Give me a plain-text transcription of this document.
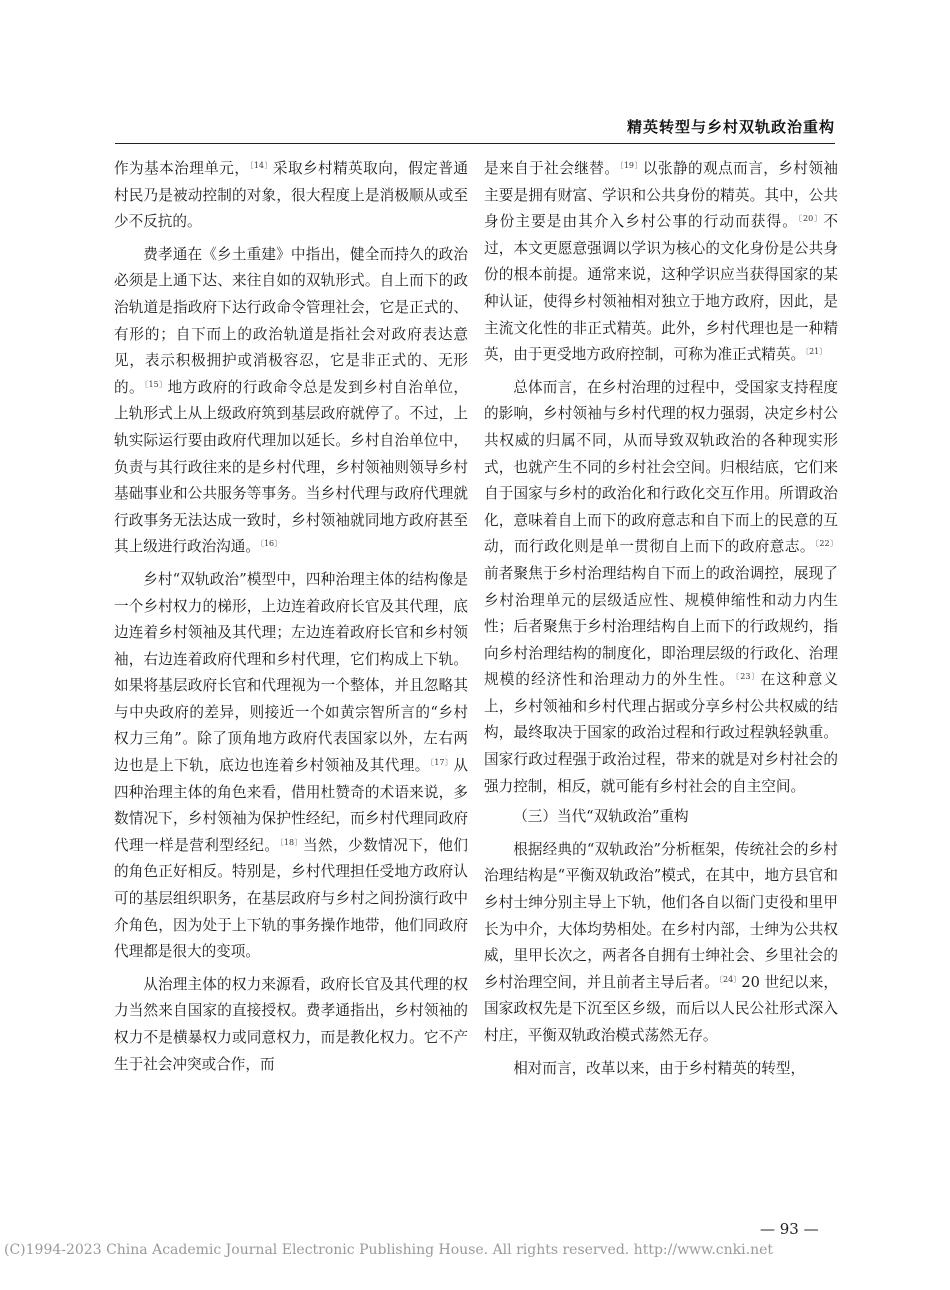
精英转型与乡村双轨政治重构

作为基本治理单元，$^{〔14〕}$采取乡村精英取向，假定普通村民乃是被动控制的对象，很大程度上是消极顺从或至少不反抗的。

费孝通在《乡土重建》中指出，健全而持久的政治必须是上通下达、来往自如的双轨形式。自上而下的政治轨道是指政府下达行政命令管理社会，它是正式的、有形的；自下而上的政治轨道是指社会对政府表达意见，表示积极拥护或消极容忍，它是非正式的、无形的。$^{〔15〕}$地方政府的行政命令总是发到乡村自治单位，上轨形式上从上级政府筑到基层政府就停了。不过，上轨实际运行要由政府代理加以延长。乡村自治单位中，负责与其行政往来的是乡村代理，乡村领袖则领导乡村基础事业和公共服务等事务。当乡村代理与政府代理就行政事务无法达成一致时，乡村领袖就同地方政府甚至其上级进行政治沟通。$^{〔16〕}$

乡村“双轨政治”模型中，四种治理主体的结构像是一个乡村权力的梯形，上边连着政府长官及其代理，底边连着乡村领袖及其代理；左边连着政府长官和乡村领袖，右边连着政府代理和乡村代理，它们构成上下轨。如果将基层政府长官和代理视为一个整体，并且忽略其与中央政府的差异，则接近一个如黄宗智所言的“乡村权力三角”。除了顶角地方政府代表国家以外，左右两边也是上下轨，底边也连着乡村领袖及其代理。$^{〔17〕}$从四种治理主体的角色来看，借用杜赞奇的术语来说，多数情况下，乡村领袖为保护性经纪，而乡村代理同政府代理一样是营利型经纪。$^{〔18〕}$当然，少数情况下，他们的角色正好相反。特别是，乡村代理担任受地方政府认可的基层组织职务，在基层政府与乡村之间扮演行政中介角色，因为处于上下轨的事务操作地带，他们同政府代理都是很大的变项。

从治理主体的权力来源看，政府长官及其代理的权力当然来自国家的直接授权。费孝通指出，乡村领袖的权力不是横暴权力或同意权力，而是教化权力。它不产生于社会冲突或合作，而

是来自于社会继替。$^{〔19〕}$以张静的观点而言，乡村领袖主要是拥有财富、学识和公共身份的精英。其中，公共身份主要是由其介入乡村公事的行动而获得。$^{〔20〕}$不过，本文更愿意强调以学识为核心的文化身份是公共身份的根本前提。通常来说，这种学识应当获得国家的某种认证，使得乡村领袖相对独立于地方政府，因此，是主流文化性的非正式精英。此外，乡村代理也是一种精英，由于更受地方政府控制，可称为准正式精英。$^{〔21〕}$

总体而言，在乡村治理的过程中，受国家支持程度的影响，乡村领袖与乡村代理的权力强弱，决定乡村公共权威的归属不同，从而导致双轨政治的各种现实形式，也就产生不同的乡村社会空间。归根结底，它们来自于国家与乡村的政治化和行政化交互作用。所谓政治化，意味着自上而下的政府意志和自下而上的民意的互动，而行政化则是单一贯彻自上而下的政府意志。$^{〔22〕}$前者聚焦于乡村治理结构自下而上的政治调控，展现了乡村治理单元的层级适应性、规模伸缩性和动力内生性；后者聚焦于乡村治理结构自上而下的行政规约，指向乡村治理结构的制度化，即治理层级的行政化、治理规模的经济性和治理动力的外生性。$^{〔23〕}$在这种意义上，乡村领袖和乡村代理占据或分享乡村公共权威的结构，最终取决于国家的政治过程和行政过程孰轻孰重。国家行政过程强于政治过程，带来的就是对乡村社会的强力控制，相反，就可能有乡村社会的自主空间。

（三）当代“双轨政治”重构

根据经典的“双轨政治”分析框架，传统社会的乡村治理结构是“平衡双轨政治”模式，在其中，地方县官和乡村士绅分别主导上下轨，他们各自以衙门吏役和里甲长为中介，大体均势相处。在乡村内部，士绅为公共权威，里甲长次之，两者各自拥有士绅社会、乡里社会的乡村治理空间，并且前者主导后者。$^{〔24〕}$20 世纪以来，国家政权先是下沉至区乡级，而后以人民公社形式深入村庄，平衡双轨政治模式荡然无存。

相对而言，改革以来，由于乡村精英的转型，

— 93 —
(C)1994-2023 China Academic Journal Electronic Publishing House. All rights reserved. http://www.cnki.net
